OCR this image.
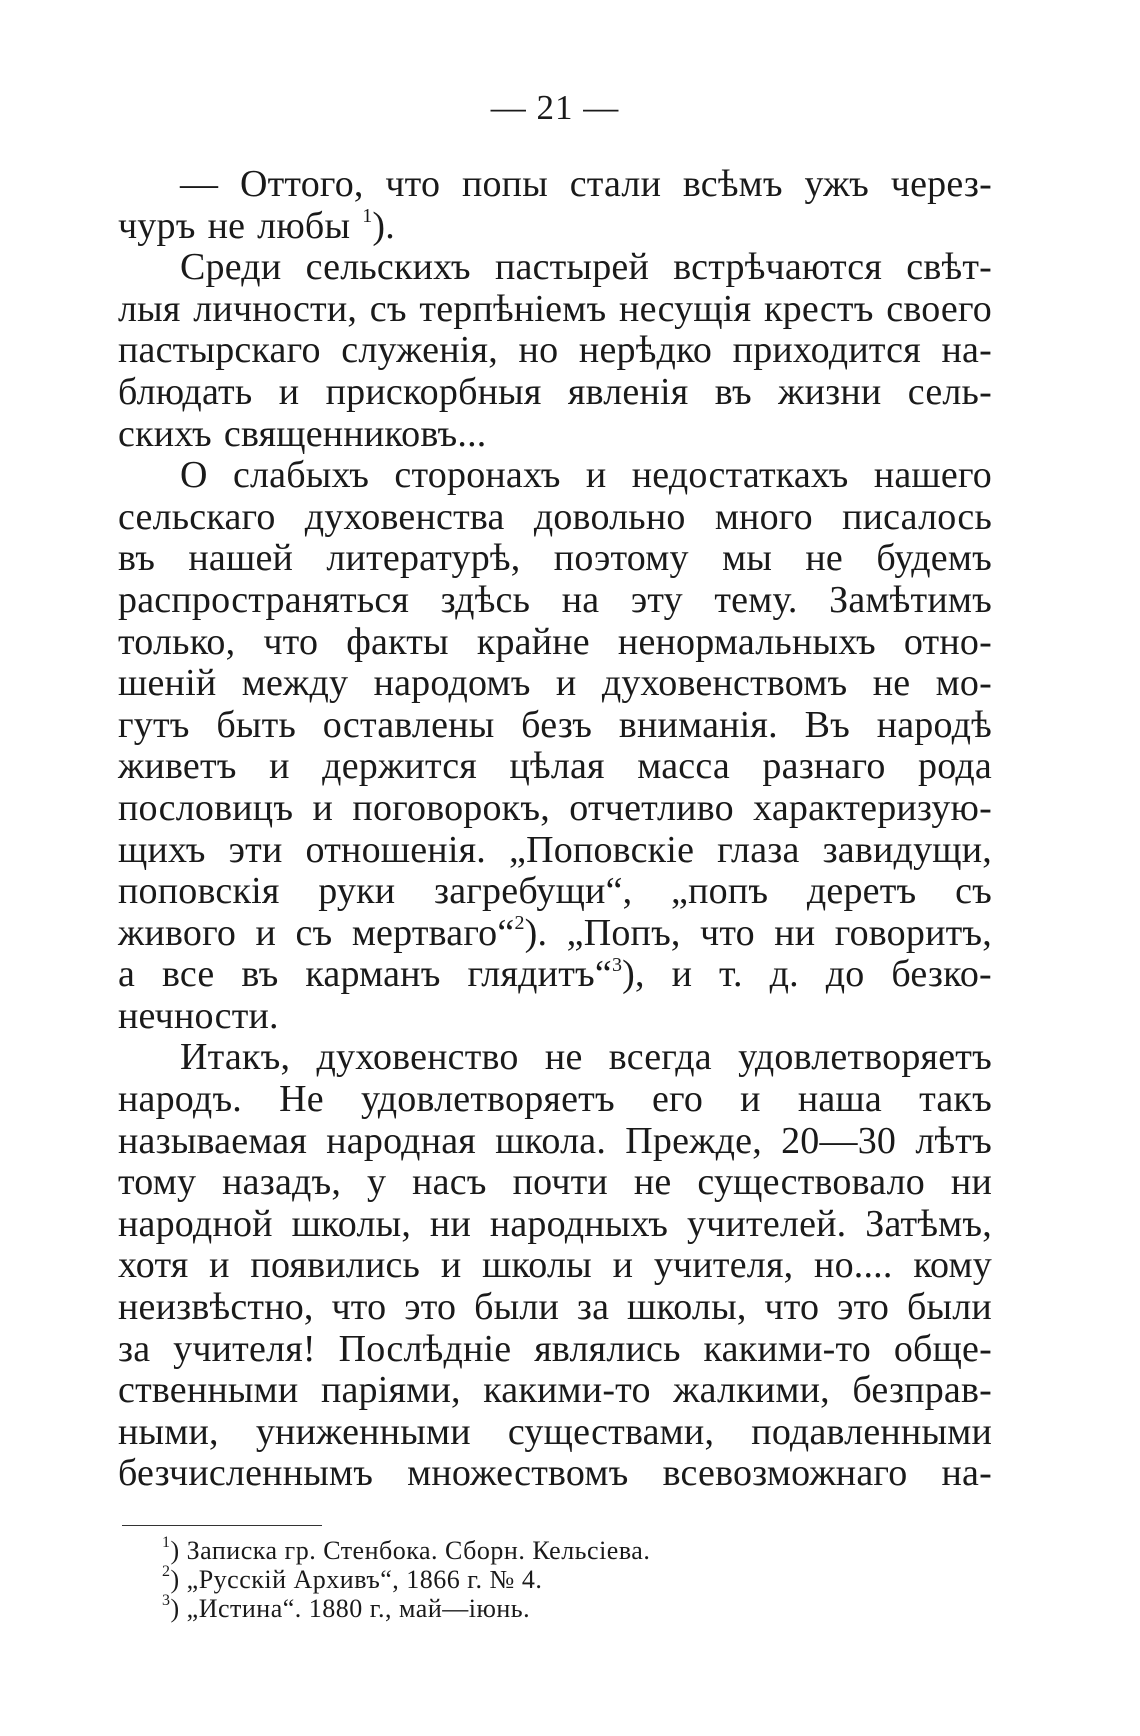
— 21 —
— Оттого, что попы стали всѣмъ ужъ через-
чуръ не любы $^1$).
Среди сельскихъ пастырей встрѣчаются свѣт-
лыя личности, съ терпѣніемъ несущія крестъ своего
пастырскаго служенія, но нерѣдко приходится на-
блюдать и прискорбныя явленія въ жизни сель-
скихъ священниковъ...
О слабыхъ сторонахъ и недостаткахъ нашего
сельскаго духовенства довольно много писалось
въ нашей литературѣ, поэтому мы не будемъ
распространяться здѣсь на эту тему. Замѣтимъ
только, что факты крайне ненормальныхъ отно-
шеній между народомъ и духовенствомъ не мо-
гутъ быть оставлены безъ вниманія. Въ народѣ
живетъ и держится цѣлая масса разнаго рода
пословицъ и поговорокъ, отчетливо характеризую-
щихъ эти отношенія. „Поповскіе глаза завидущи,
поповскія руки загребущи“, „попъ деретъ съ
живого и съ мертваго“$^2$). „Попъ, что ни говоритъ,
а все въ карманъ глядитъ“$^3$), и т. д. до безко-
нечности.
Итакъ, духовенство не всегда удовлетворяетъ
народъ. Не удовлетворяетъ его и наша такъ
называемая народная школа. Прежде, 20—30 лѣтъ
тому назадъ, у насъ почти не существовало ни
народной школы, ни народныхъ учителей. Затѣмъ,
хотя и появились и школы и учителя, но.... кому
неизвѣстно, что это были за школы, что это были
за учителя! Послѣдніе являлись какими-то обще-
ственными паріями, какими-то жалкими, безправ-
ными, униженными существами, подавленными
безчисленнымъ множествомъ всевозможнаго на-
$^1$) Записка гр. Стенбока. Сборн. Кельсіева.
$^2$) „Русскій Архивъ“, 1866 г. № 4.
$^3$) „Истина“. 1880 г., май—іюнь.
